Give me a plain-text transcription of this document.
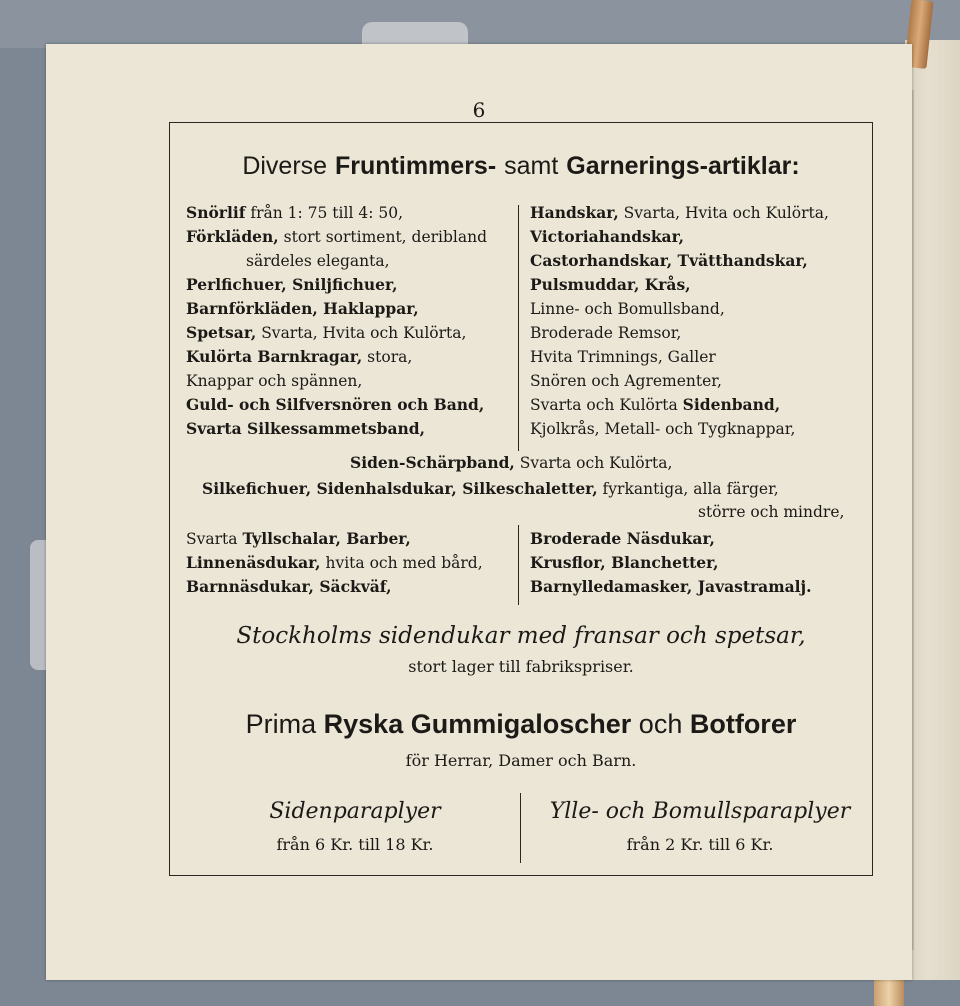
6
Diverse Fruntimmers- samt Garnerings-artiklar:
Snörlif från 1: 75 till 4: 50,
Förkläden, stort sortiment, deribland
särdeles eleganta,
Perlfichuer, Sniljfichuer,
Barnförkläden, Haklappar,
Spetsar, Svarta, Hvita och Kulörta,
Kulörta Barnkragar, stora,
Knappar och spännen,
Guld- och Silfversnören och Band,
Svarta Silkessammetsband,
Handskar, Svarta, Hvita och Kulörta,
Victoriahandskar,
Castorhandskar, Tvätthandskar,
Pulsmuddar, Krås,
Linne- och Bomullsband,
Broderade Remsor,
Hvita Trimnings, Galler
Snören och Agrementer,
Svarta och Kulörta Sidenband,
Kjolkrås, Metall- och Tygknappar,
Siden-Schärpband, Svarta och Kulörta,
Silkefichuer, Sidenhalsdukar, Silkeschaletter, fyrkantiga, alla färger,
större och mindre,
Svarta Tyllschalar, Barber,
Linnenäsdukar, hvita och med bård,
Barnnäsdukar, Säckväf,
Broderade Näsdukar,
Krusflor, Blanchetter,
Barnylledamasker, Javastramalj.
Stockholms sidendukar med fransar och spetsar,
stort lager till fabrikspriser.
Prima Ryska Gummigaloscher och Botforer
för Herrar, Damer och Barn.
Sidenparaplyer
från 6 Kr. till 18 Kr.
Ylle- och Bomullsparaplyer
från 2 Kr. till 6 Kr.
